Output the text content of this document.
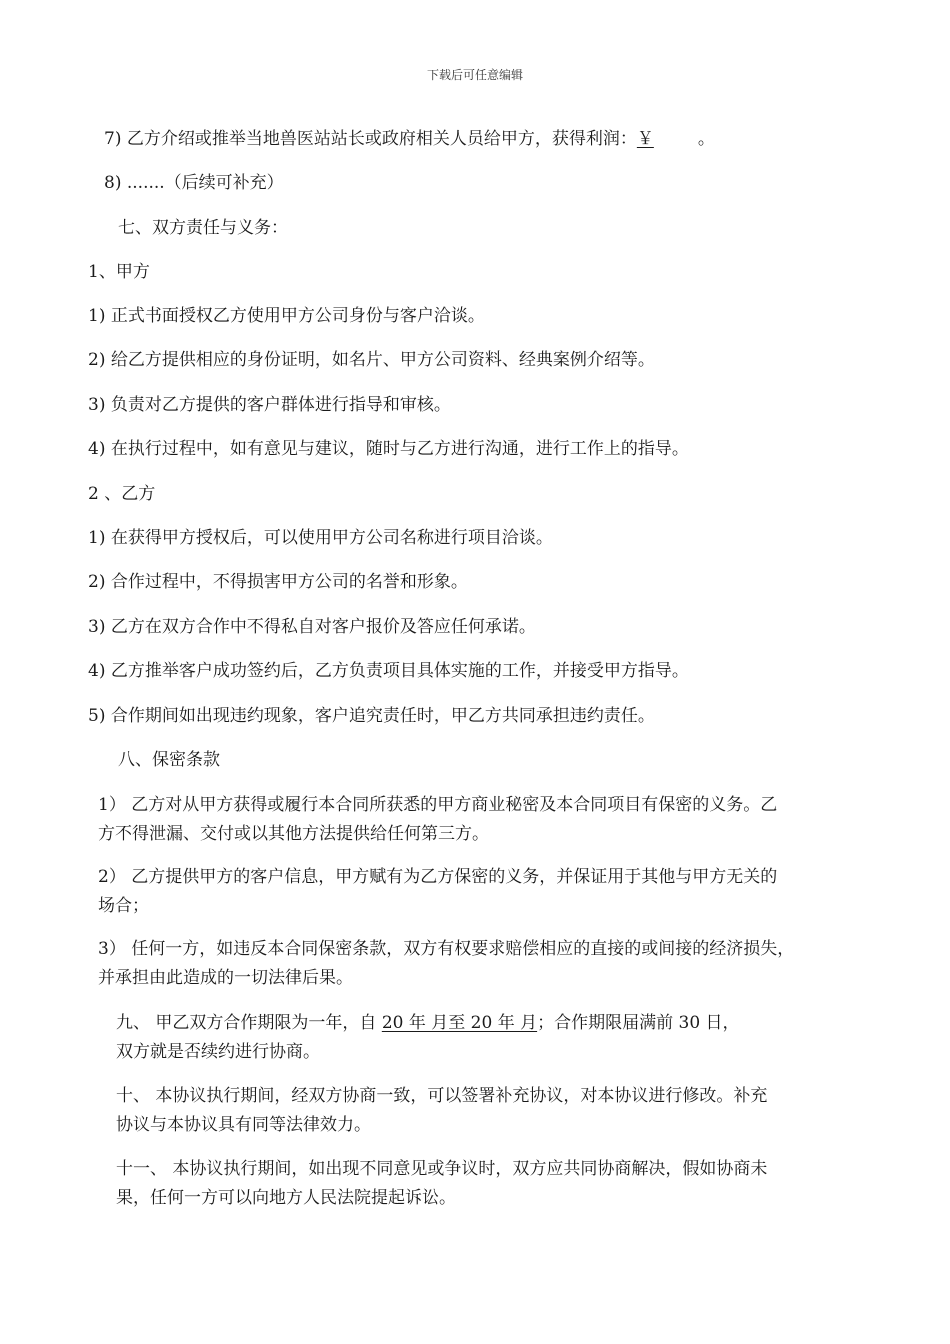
下载后可任意编辑
7) 乙方介绍或推举当地兽医站站长或政府相关人员给甲方，获得利润：￥	。
8) .......（后续可补充）
七、双方责任与义务：
1、甲方
1) 正式书面授权乙方使用甲方公司身份与客户洽谈。
2) 给乙方提供相应的身份证明，如名片、甲方公司资料、经典案例介绍等。
3) 负责对乙方提供的客户群体进行指导和审核。
4) 在执行过程中，如有意见与建议，随时与乙方进行沟通，进行工作上的指导。
2 、乙方
1) 在获得甲方授权后，可以使用甲方公司名称进行项目洽谈。
2) 合作过程中，不得损害甲方公司的名誉和形象。
3) 乙方在双方合作中不得私自对客户报价及答应任何承诺。
4) 乙方推举客户成功签约后，乙方负责项目具体实施的工作，并接受甲方指导。
5) 合作期间如出现违约现象，客户追究责任时，甲乙方共同承担违约责任。
八、保密条款
1） 乙方对从甲方获得或履行本合同所获悉的甲方商业秘密及本合同项目有保密的义务。乙
方不得泄漏、交付或以其他方法提供给任何第三方。
2） 乙方提供甲方的客户信息，甲方赋有为乙方保密的义务，并保证用于其他与甲方无关的
场合；
3） 任何一方，如违反本合同保密条款，双方有权要求赔偿相应的直接的或间接的经济损失，
并承担由此造成的一切法律后果。
九、 甲乙双方合作期限为一年，自 20 年 月至 20 年 月；合作期限届满前 30 日，
双方就是否续约进行协商。
十、 本协议执行期间，经双方协商一致，可以签署补充协议，对本协议进行修改。补充
协议与本协议具有同等法律效力。
十一、 本协议执行期间，如出现不同意见或争议时，双方应共同协商解决，假如协商未
果，任何一方可以向地方人民法院提起诉讼。
